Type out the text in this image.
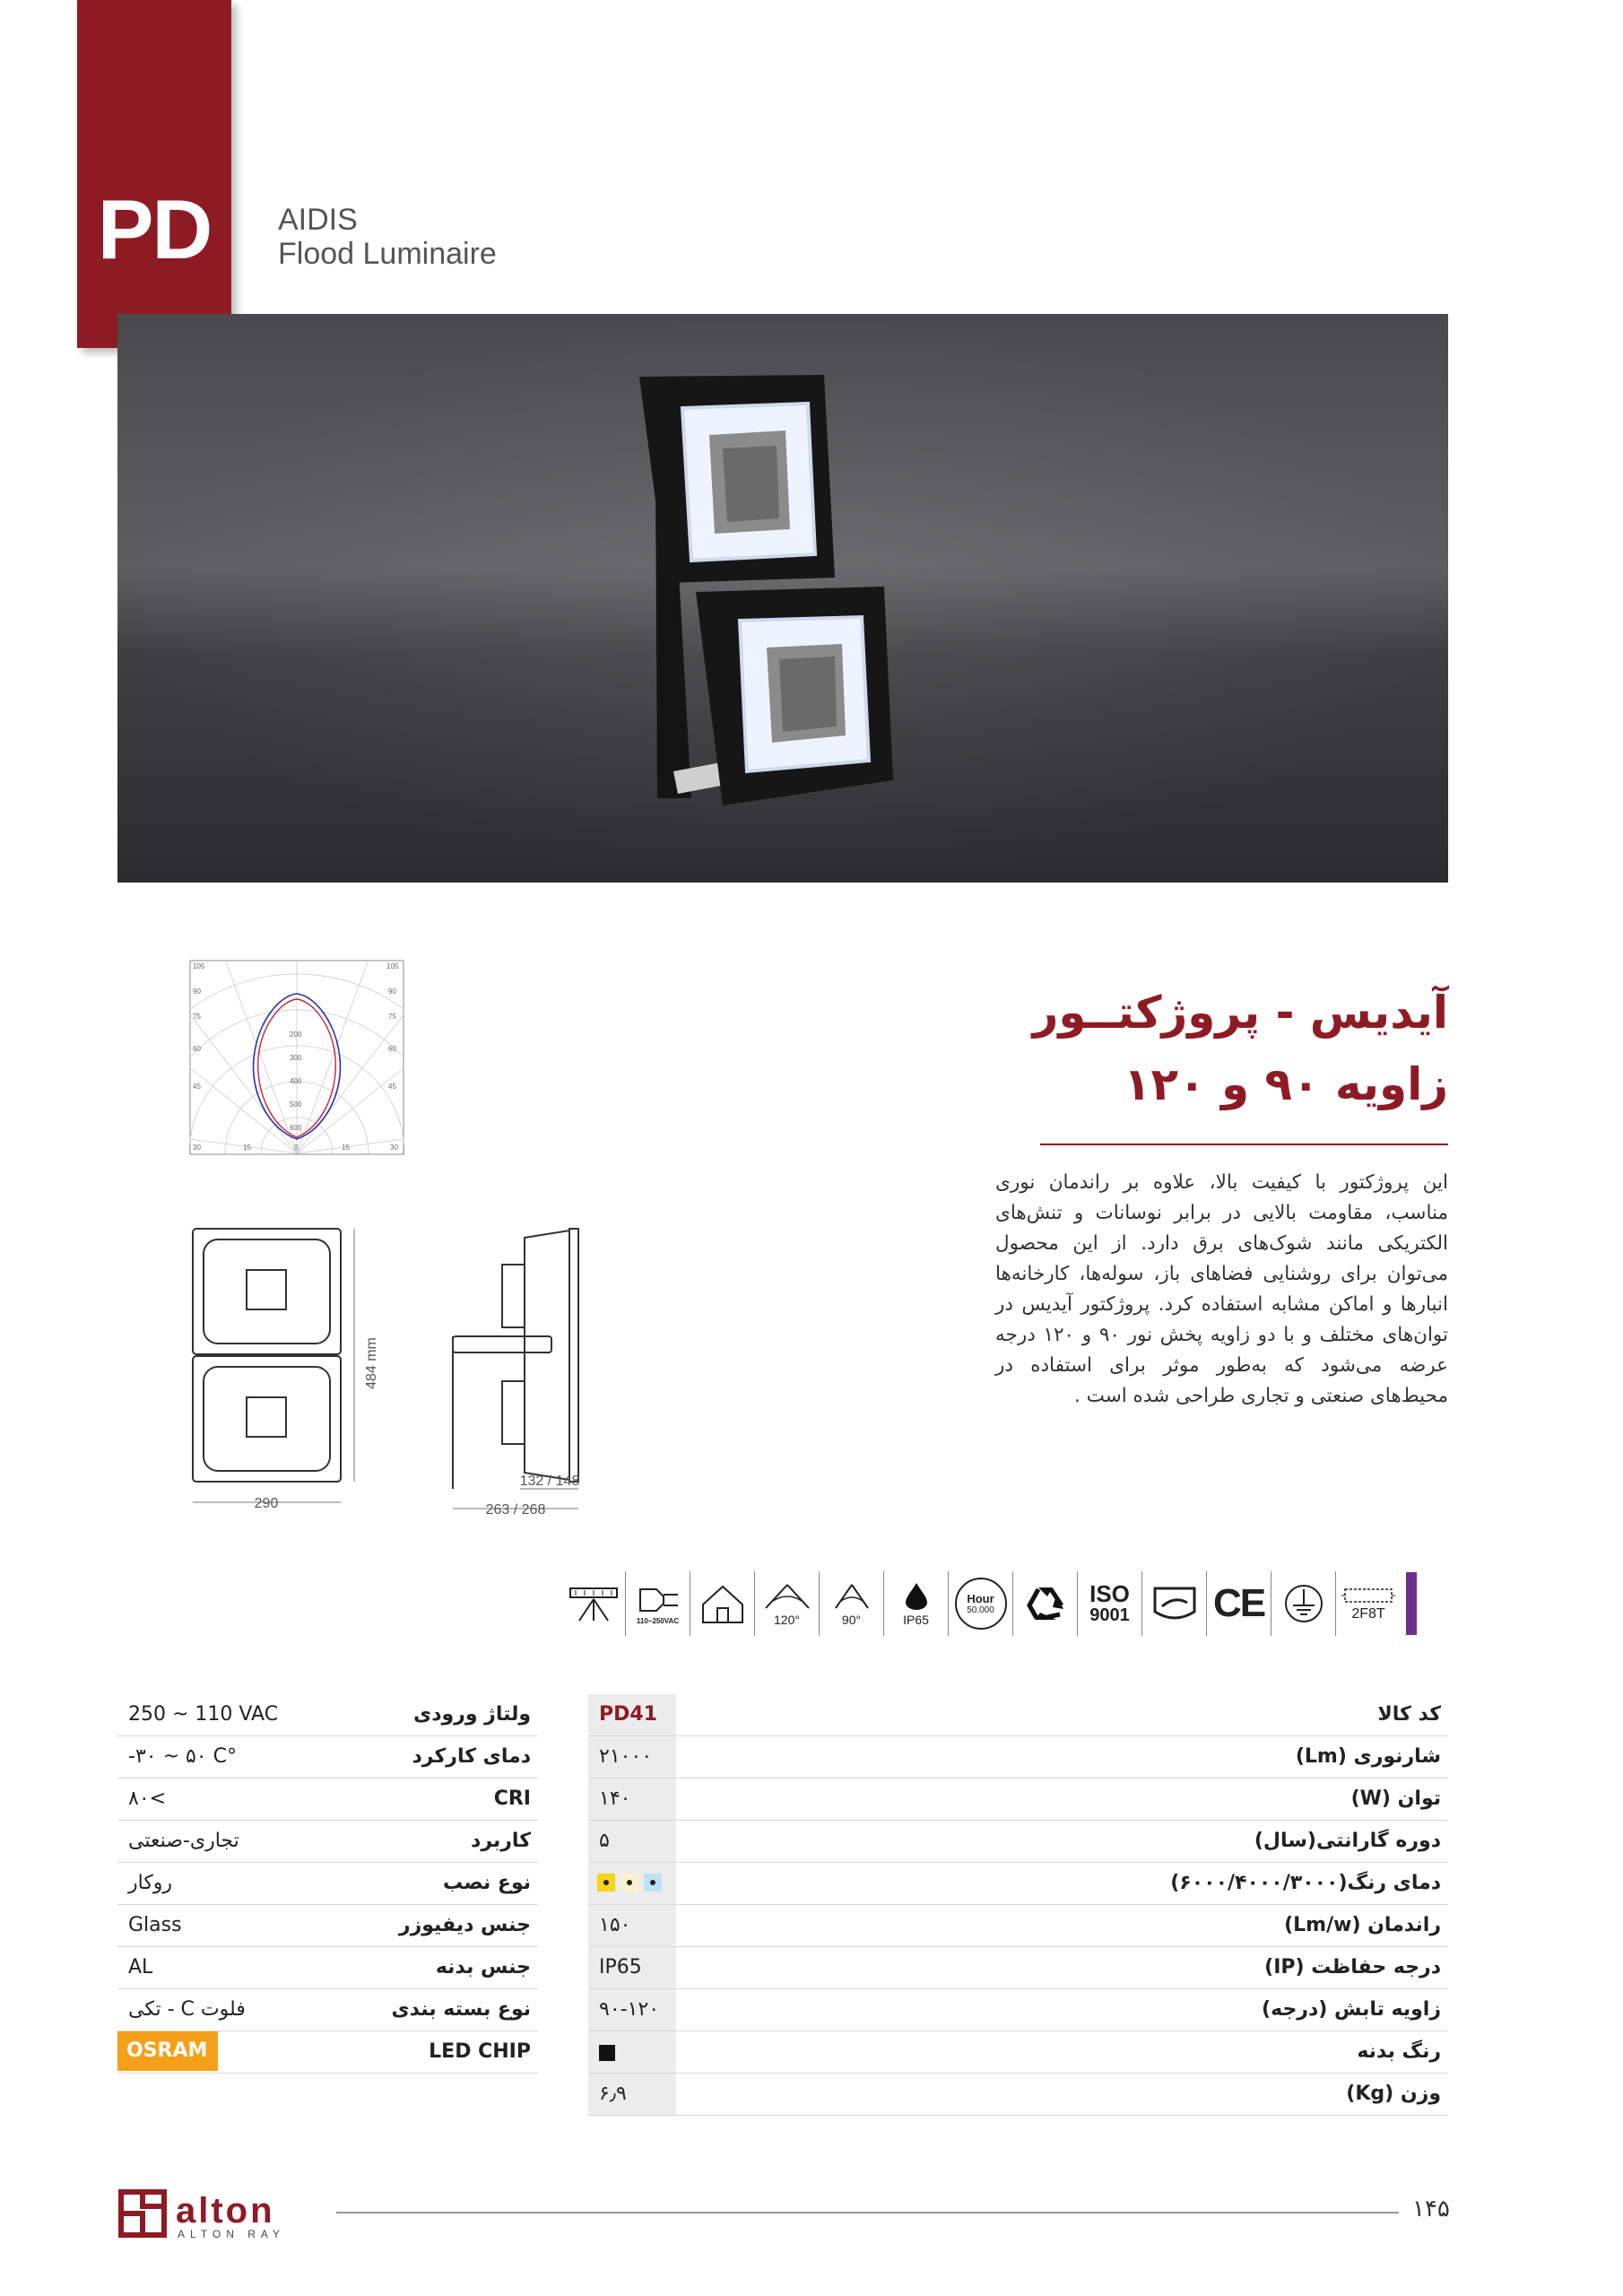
PD	AIDIS
Flood Luminaire
105
90
75
60
45
30	15	0	15	30
45
60
75
90
105
200
300
400
500
600
484 mm
290	263 / 268
132 / 148
آیدیس - پروژکتــور
زاویه ۹۰ و ۱۲۰
این پروژکتور با کیفیت بالا، علاوه بر راندمان نوری مناسب، مقاومت بالایی در برابر نوسانات و تنش‌های الکتریکی مانند شوک‌های برق دارد. از این محصول می‌توان برای روشنایی فضاهای باز، سوله‌ها، کارخانه‌ها انبارها و اماکن مشابه استفاده کرد. پروژکتور آیدیس در توان‌های مختلف و با دو زاویه پخش نور ۹۰ و ۱۲۰ درجه عرضه می‌شود که به‌طور موثر برای استفاده در محیط‌های صنعتی و تجاری طراحی شده است .
110~250VAC	120°	90°	IP65
Hour
50.000
ISO
9001 CE	2F8T
PD41	کد کالا
۲۱۰۰۰	شارنوری (Lm)
۱۴۰	توان (W)
۵	دوره گارانتی(سال)
دمای رنگ(۶۰۰۰/۴۰۰۰/۳۰۰۰)
۱۵۰	راندمان (Lm/w)
IP65	درجه حفاظت (IP)
۹۰-۱۲۰	زاویه تابش (درجه)
رنگ بدنه
۶٫۹	وزن (Kg)
250 ~ 110 VAC	ولتاژ ورودی
-۳۰ ~ ۵۰ C°	دمای کارکرد
۸۰<	CRI
تجاری-صنعتی	کاربرد
روکار	نوع نصب
Glass	جنس دیفیوزر
AL	جنس بدنه
تکی - C فلوت	نوع بسته بندی
OSRAM	LED CHIP
alton
ALTON RAY
۱۴۵
